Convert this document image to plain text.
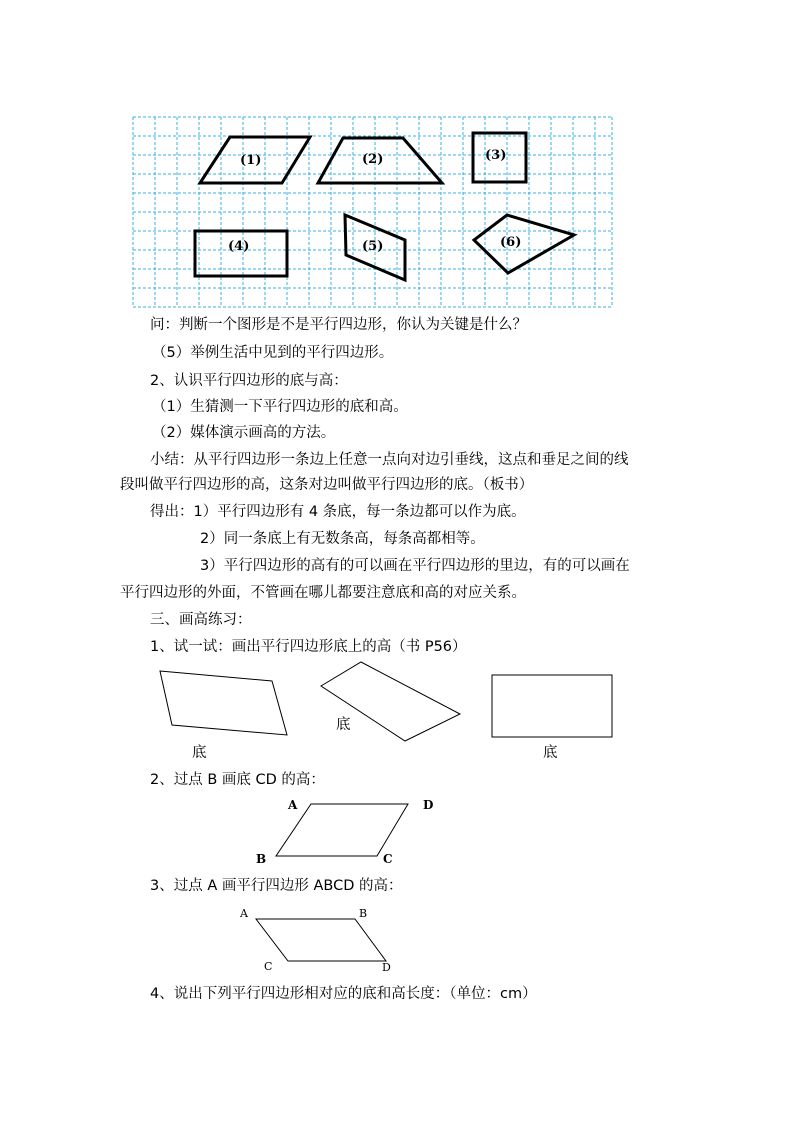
(1)	(2)	(3)
(4)	(5)	(6)
问：判断一个图形是不是平行四边形，你认为关键是什么？
（5）举例生活中见到的平行四边形。
2、认识平行四边形的底与高：
（1）生猜测一下平行四边形的底和高。
（2）媒体演示画高的方法。
小结：从平行四边形一条边上任意一点向对边引垂线，这点和垂足之间的线
段叫做平行四边形的高，这条对边叫做平行四边形的底。（板书）
得出：1）平行四边形有 4 条底，每一条边都可以作为底。
2）同一条底上有无数条高，每条高都相等。
3）平行四边形的高有的可以画在平行四边形的里边，有的可以画在
平行四边形的外面，不管画在哪儿都要注意底和高的对应关系。
三、画高练习：
1、试一试：画出平行四边形底上的高（书 P56）
底
底	底
2、过点 B 画底 CD 的高：
A	D
B	C
3、过点 A 画平行四边形 ABCD 的高：
A	B
C	D
4、说出下列平行四边形相对应的底和高长度：（单位：cm）
